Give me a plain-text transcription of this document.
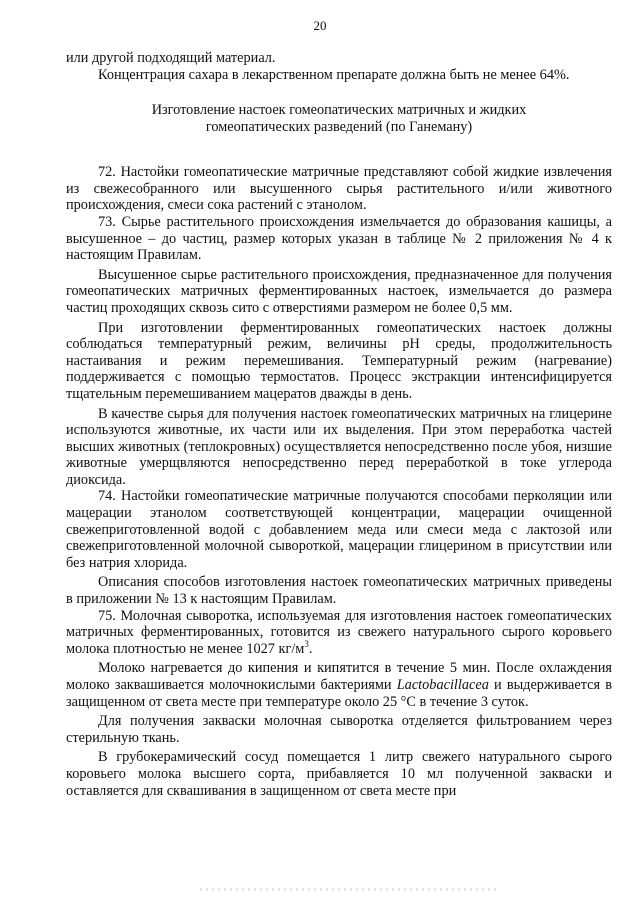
20

или другой подходящий материал.

Концентрация сахара в лекарственном препарате должна быть не менее 64%.

Изготовление настоек гомеопатических матричных и жидких
гомеопатических разведений (по Ганеману)

72. Настойки гомеопатические матричные представляют собой жидкие извлечения из свежесобранного или высушенного сырья растительного и/или животного происхождения, смеси сока растений с этанолом.

73. Сырье растительного происхождения измельчается до образования кашицы, а высушенное – до частиц, размер которых указан в таблице № 2 приложения № 4 к настоящим Правилам.

Высушенное сырье растительного происхождения, предназначенное для получения гомеопатических матричных ферментированных настоек, измельчается до размера частиц проходящих сквозь сито с отверстиями размером не более 0,5 мм.

При изготовлении ферментированных гомеопатических настоек должны соблюдаться температурный режим, величины pH среды, продолжительность настаивания и режим перемешивания. Температурный режим (нагревание) поддерживается с помощью термостатов. Процесс экстракции интенсифицируется тщательным перемешиванием мацератов дважды в день.

В качестве сырья для получения настоек гомеопатических матричных на глицерине используются животные, их части или их выделения. При этом переработка частей высших животных (теплокровных) осуществляется непосредственно после убоя, низшие животные умерщвляются непосредственно перед переработкой в токе углерода диоксида.

74. Настойки гомеопатические матричные получаются способами перколяции или мацерации этанолом соответствующей концентрации, мацерации очищенной свежеприготовленной водой с добавлением меда или смеси меда с лактозой или свежеприготовленной молочной сывороткой, мацерации глицерином в присутствии или без натрия хлорида.

Описания способов изготовления настоек гомеопатических матричных приведены в приложении № 13 к настоящим Правилам.

75. Молочная сыворотка, используемая для изготовления настоек гомеопатических матричных ферментированных, готовится из свежего натурального сырого коровьего молока плотностью не менее 1027 $кг/м^3$.

Молоко нагревается до кипения и кипятится в течение 5 мин. После охлаждения молоко заквашивается молочнокислыми бактериями Lactobacillacea и выдерживается в защищенном от света месте при температуре около 25 °С в течение 3 суток.

Для получения закваски молочная сыворотка отделяется фильтрованием через стерильную ткань.

В грубокерамический сосуд помещается 1 литр свежего натурального сырого коровьего молока высшего сорта, прибавляется 10 мл полученной закваски и оставляется для сквашивания в защищенном от света месте при
